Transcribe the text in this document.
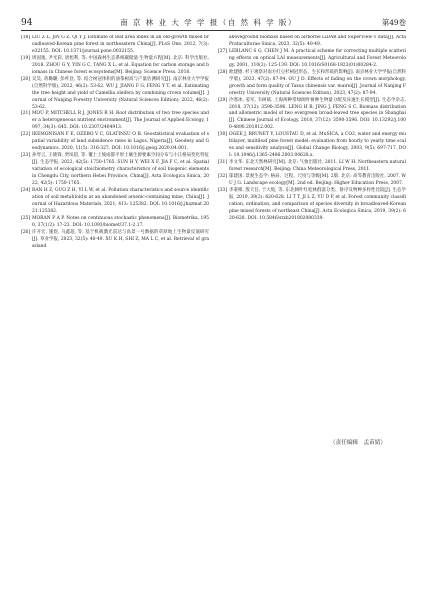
94	南 京 林 业 大 学 学 报（自 然 科 学 版）	第49卷
[18] LIU Z L, JIN G Z, QI Y J. Estimate of leaf area index in an old-growth mixed broadleaved-Korean pine forest in northeastern China[J]. PLoS One, 2012, 7(3): e32155. DOI: 10.1371/journal.pone.0032155.
[19] 周国逸, 尹光彩, 唐旭利, 等. 中国森林生态系统碳储量-生物量方程[M]. 北京: 科学出版社, 2018. ZHOU G Y, YIN G C, TANG X L, et al. Equation for carbon storage and biomass in Chinese forest ecosystems[M]. Beijing: Science Press, 2018.
[20] 吴昊, 蒋璐璐, 彭祚登, 等. 结合树冠体积的油茶树高与产量估测研究[J]. 南京林业大学学报(自然科学版), 2022, 46(2): 53-62. WU J, JIANG F G, FENG Y T, et al. Estimating the tree height and yield of Camellia oleifera by combining crown volume[J]. Journal of Nanjing Forestry University (Natural Sciences Edition), 2022, 46(2): 53-62.
[21] MOU P, MITCHELL R J, JONES R H. Root distribution of two tree species under a heterogeneous nutrient environment[J]. The Journal of Applied Ecology, 1997, 34(3): 645. DOI: 10.2307/2404913.
[22] IKEMONISAN F E, OZEBO V C, OLATINSU O B. Geostatistical evaluation of spatial variability of land subsidence rates in Lagos, Nigeria[J]. Geodesy and Geodynamics, 2020, 11(5): 316-327. DOI: 10.1016/j.geog.2020.04.001.
[23] 孙琴云, 王晓锋, 贾凤超, 等. 覆土土坡成都平原土壤生源要素空间分布与小江格局变化特征[J]. 生态学报, 2022, 42(5): 1750-1765. SUN H Y, WEI X F, JIA F C, et al. Spatial variation of ecological stoichiometry characteristics of soil biogenic elements in Chengdu City, northern Hebei Province, China[J]. Acta Ecologica Sinica, 2022, 42(5): 1750-1765.
[24] RAN H Z, GUO Z H, YI L W, et al. Pollution characteristics and source identification of soil metal(loid)s at an abandoned arsenic-containing mine, China[J]. Journal of Hazardous Materials, 2021, 413: 125382. DOI: 10.1016/j.jhazmat.2021.125382.
[25] MORAN P A P. Notes on continuous stochastic phenomena[J]. Biometrika, 1950, 37(1/2): 17-23. DOI: 10.1093/biomet/37.1-2.17.
[26] 许开宏, 施煜, 马鑫超, 等. 基于机载激光雷达与高景一号数据的草原地上生物量反演研究[J]. 草业学报, 2023, 32(5): 40-49. XU K H, SHI Z, MA L C, et al. Retrieval of grassland
aboveground biomass based on airborne LiDAR and SuperView-1 data[J]. Acta Prataculturae Sinica, 2023, 32(5): 40-49.
[27] LEBLANC S G, CHEN J M. A practical scheme for correcting multiple scattering effects on optical LAI measurements[J]. Agricultural and Forest Meteorology, 2001, 110(2): 125-139. DOI: 10.1016/S0168-1923(01)00284-2.
[28] 欧建德. 杉干观察对南方红豆杉树冠形态、生长和形质的影响[J]. 南京林业大学学报(自然科学版), 2023, 47(2): 87-94. OU J D. Effects of fading on the crown morphology, growth and form quality of Taxus chinensis var. mairei[J]. Journal of Nanjing Forestry University (Natural Sciences Edition), 2023, 47(2): 87-94.
[29] 冷寒冰, 姜军, 韦树斌. 上海两种常绿阔叶树种生物量分配及异速生长模型[J]. 生态学杂志, 2018, 37(12): 3590-3596. LENG H B, JING J, FENG S C. Biomass distribution and allometric model of two evergreen broad-leaved tree species in Shanghai[J]. Chinese Journal of Ecology, 2018, 37(12): 3590-3596. DOI: 10.13292/j.1000-4890.201812.002.
[30] OGEE J, BRUNET Y, LOUSTAU D, et al. MuSICA, a CO2, water and energy multilayer, multileaf pine forest model: evaluation from hourly to yearly time scales and sensitivity analysis[J]. Global Change Biology, 2003, 9(5): 697-717. DOI: 10.1046/j.1365-2486.2003.00628.x.
[31] 李文华. 东北天然林研究[M]. 北京: 气象出版社, 2011. LI W H. Northeastern natural forest research[M]. Beijing: China Meteorological Press, 2011.
[32] 邬建国. 景观生态学: 格局、过程、尺度与等级[M]. 2版. 北京: 高等教育出版社, 2007. WU J G. Landscape ecology[M]. 2nd ed. Beijing: Higher Education Press, 2007.
[33] 李秉樟, 殷天任, 于大炮, 等. 东北阔叶红松林群落分类、排序及物种多样性比较[J]. 生态学报, 2019, 39(2): 620-628. LI T T, JI L Z, YU D P, et al. Forest community classification, ordination, and comparison of species diversity in broadleaved-Korean pine mixed forests of northeast China[J]. Acta Ecologica Sinica, 2019, 39(2): 620-628. DOI: 10.5846/stxb201802080339.
（责任编辑　孟苗婧）
